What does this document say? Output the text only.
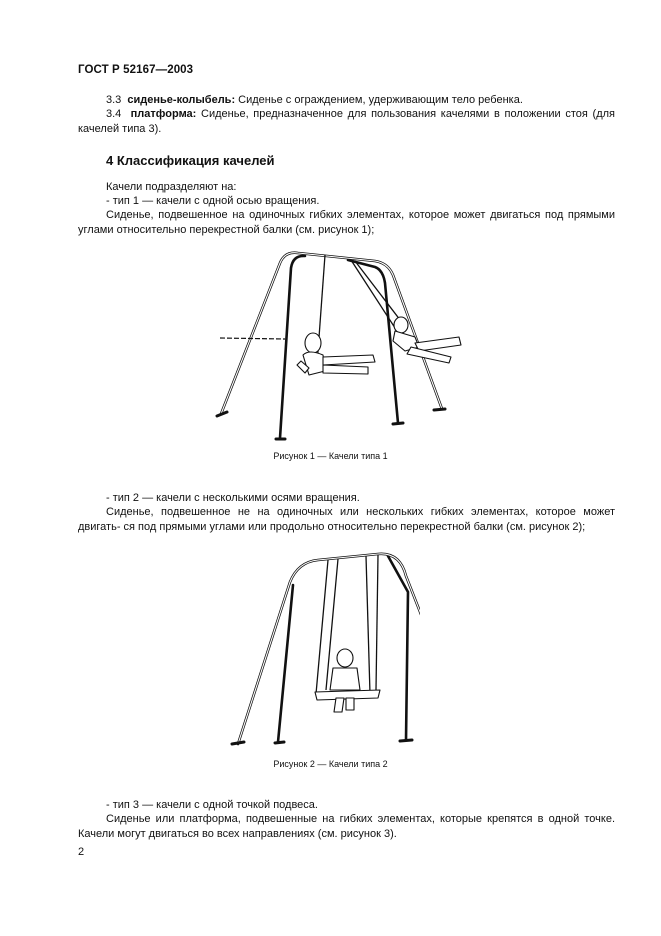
ГОСТ Р 52167—2003
3.3 сиденье-колыбель: Сиденье с ограждением, удерживающим тело ребенка.
3.4 платформа: Сиденье, предназначенное для пользования качелями в положении стоя (для качелей типа 3).
4 Классификация качелей
Качели подразделяют на:
- тип 1 — качели с одной осью вращения.
Сиденье, подвешенное на одиночных гибких элементах, которое может двигаться под прямыми углами относительно перекрестной балки (см. рисунок 1);
Рисунок 1 — Качели типа 1
- тип 2 — качели с несколькими осями вращения.
Сиденье, подвешенное не на одиночных или нескольких гибких элементах, которое может двигать- ся под прямыми углами или продольно относительно перекрестной балки (см. рисунок 2);
Рисунок 2 — Качели типа 2
- тип 3 — качели с одной точкой подвеса.
Сиденье или платформа, подвешенные на гибких элементах, которые крепятся в одной точке. Качели могут двигаться во всех направлениях (см. рисунок 3).
2
